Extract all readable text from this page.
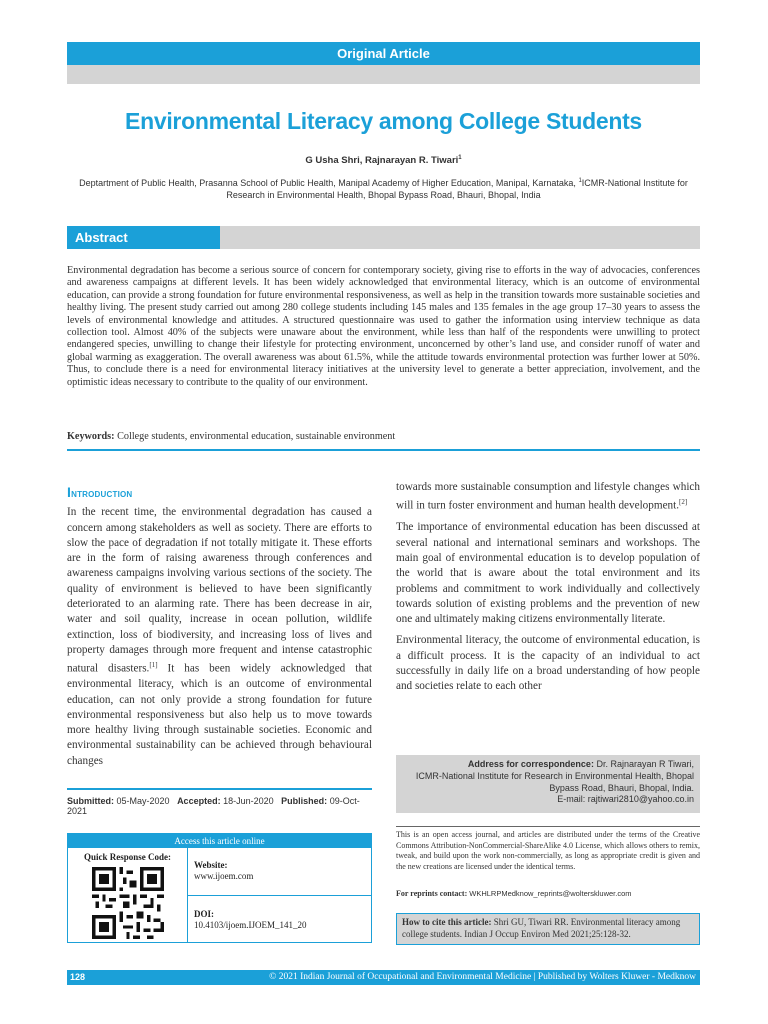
Original Article
Environmental Literacy among College Students
G Usha Shri, Rajnarayan R. Tiwari$^1$
Deptartment of Public Health, Prasanna School of Public Health, Manipal Academy of Higher Education, Manipal, Karnataka, $^1$ICMR-National Institute for Research in Environmental Health, Bhopal Bypass Road, Bhauri, Bhopal, India
Abstract
Environmental degradation has become a serious source of concern for contemporary society, giving rise to efforts in the way of advocacies, conferences and awareness campaigns at different levels. It has been widely acknowledged that environmental literacy, which is an outcome of environmental education, can provide a strong foundation for future environmental responsiveness, as well as help in the transition towards more sustainable societies and healthy living. The present study carried out among 280 college students including 145 males and 135 females in the age group 17–30 years to assess the levels of environmental knowledge and attitudes. A structured questionnaire was used to gather the information using interview technique as data collection tool. Almost 40% of the subjects were unaware about the environment, while less than half of the respondents were unwilling to protect endangered species, unwilling to change their lifestyle for protecting environment, unconcerned by other’s land use, and consider runoff of water and global warming as exaggeration. The overall awareness was about 61.5%, while the attitude towards environmental protection was further lower at 50%. Thus, to conclude there is a need for environmental literacy initiatives at the university level to generate a better appreciation, involvement, and the optimistic ideas necessary to contribute to the quality of our environment.
Keywords: College students, environmental education, sustainable environment
Introduction

In the recent time, the environmental degradation has caused a concern among stakeholders as well as society. There are efforts to slow the pace of degradation if not totally mitigate it. These efforts are in the form of raising awareness through conferences and awareness campaigns involving various sections of the society. The quality of environment is believed to have been significantly deteriorated to an alarming rate. There has been decrease in air, water and soil quality, increase in ocean pollution, wildlife extinction, loss of biodiversity, and increasing loss of lives and property damages through more frequent and intense catastrophic natural disasters.[1] It has been widely acknowledged that environmental literacy, which is an outcome of environmental education, can not only provide a strong foundation for future environmental responsiveness but also help us to move towards more healthy living through sustainable societies. Economic and environmental sustainability can be achieved through behavioural changes

towards more sustainable consumption and lifestyle changes which will in turn foster environment and human health development.[2]

The importance of environmental education has been discussed at several national and international seminars and workshops. The main goal of environmental education is to develop population of the world that is aware about the total environment and its problems and commitment to work individually and collectively towards solution of existing problems and the prevention of new one and ultimately making citizens environmentally literate.

Environmental literacy, the outcome of environmental education, is a difficult process. It is the capacity of an individual to act successfully in daily life on a broad understanding of how people and societies relate to each other

Submitted: 05-May-2020 Accepted: 18-Jun-2020 Published: 09-Oct-2021
Address for correspondence: Dr. Rajnarayan R Tiwari,
ICMR-National Institute for Research in Environmental Health, Bhopal
Bypass Road, Bhauri, Bhopal, India.
E-mail: rajtiwari2810@yahoo.co.in
Access this article online
Quick Response Code:
Website:
www.ijoem.com
DOI:
10.4103/ijoem.IJOEM_141_20
This is an open access journal, and articles are distributed under the terms of the Creative Commons Attribution-NonCommercial-ShareAlike 4.0 License, which allows others to remix, tweak, and build upon the work non-commercially, as long as appropriate credit is given and the new creations are licensed under the identical terms.
For reprints contact: WKHLRPMedknow_reprints@wolterskluwer.com
How to cite this article: Shri GU, Tiwari RR. Environmental literacy among college students. Indian J Occup Environ Med 2021;25:128-32.
128	© 2021 Indian Journal of Occupational and Environmental Medicine | Published by Wolters Kluwer - Medknow
